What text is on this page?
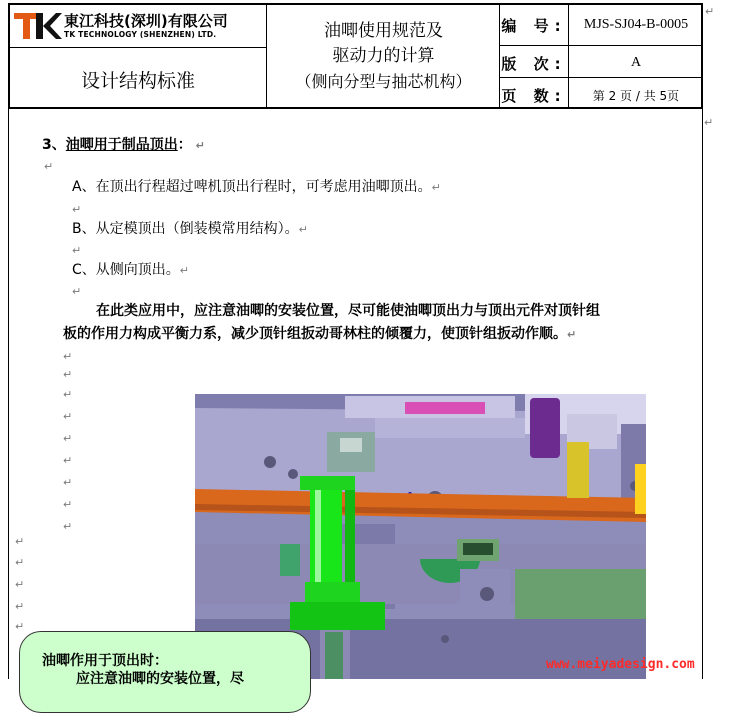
東江科技(深圳)有限公司
TK TECHNOLOGY (SHENZHEN) LTD.
设计结构标准
油唧使用规范及
驱动力的计算
（侧向分型与抽芯机构）
编 号:	MJS-SJ04-B-0005
版 次:	A
页 数:	第 2 页 / 共 5页
↵
↵
↵
↵
↵
↵
↵
↵
↵
↵
↵
↵
↵
↵
↵
↵
↵
↵
↵
↵
3、油唧用于制品顶出： ↵
A、在顶出行程超过啤机顶出行程时，可考虑用油唧顶出。↵
B、从定模顶出（倒装模常用结构）。↵
C、从侧向顶出。↵
在此类应用中，应注意油唧的安装位置，尽可能使油唧顶出力与顶出元件对顶针组
板的作用力构成平衡力系，减少顶针组扳动哥林柱的倾覆力，使顶针组扳动作顺。↵
油唧作用于顶出时：
应注意油唧的安装位置，尽
www.meiyadesign.com
